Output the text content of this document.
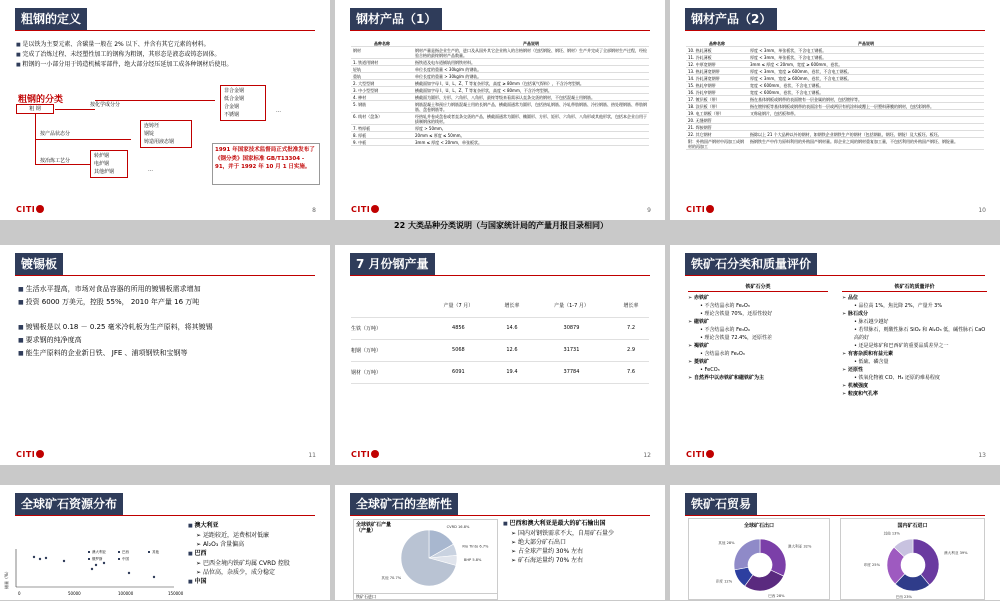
粗钢的定义
■ 是以铁为主要元素、含碳量一般在 2% 以下、并含有其它元素的材料。
■ 完成了冶炼过程、未经塑性加工的钢称为粗钢，其形态是液态或铸态固体。
■ 粗钢的一小部分用于铸造机械零部件，绝大部分经压延加工成各种钢材后使用。
粗钢的分类
粗 钢
按化学成分分
按产品状态分
按冶炼工艺分
非合金钢
低合金钢
合金钢
不锈钢
…
连铸坯
钢锭
铸造用液态钢
转炉钢
电炉钢
其他炉钢	…
1991 年国家技术监督局正式批准发布了《钢分类》国家标准 GB/T13304 - 91，并于 1992 年 10 月 1 日实施。
CITI	8
钢材产品（1）
品种名称	产品说明
钢材	钢材产量是指企业生产的，进口及从国外其它企业购入的合格钢材（包括钢锭、钢坯、钢材）生产并完成了全部钢材生产过程，经检验合格的最终钢材产品数量。
1. 铁道用钢材	指铁道及电车道铺轨用钢铁材料。
轻轨	单位长度的重量 < 30kg/m 的钢轨。
重轨	单位长度的重量 > 30kg/m 的钢轨。
2. 大型型钢	横截面如字母 I、U、L、Z、T 等复杂形状，高度 ≥ 80mm（包括氧气焊料），不含冷弯型钢。
3. 中小型型钢	横截面如字母 I、U、L、Z、T 等复杂形状，高度 < 80mm，不含冷弯型钢。
4. 棒材	横截面为圆形、方形、六角形、八角形，最终等级来看需承认直条交货的钢材，不包括混凝土用钢筋。
5. 钢筋	钢筋混凝土和预应力钢筋混凝土用的长钢产品，横截面通常为圆形，包括热轧钢筋、冷轧带肋钢筋、冷拉钢筋、热处理钢筋、带肋钢筋、盘卷钢筋等。
6. 线材（盘条）	经热轧并卷成盘卷或者直条交货的产品，横截面通常为圆形、椭圆形、方形、矩形、六角形、八角形或其他形状，包括本企业自用于拔制钢丝的线材。
7. 特厚板	厚度 > 50mm。
8. 厚板	20mm ≤ 厚度 ≤ 50mm。
9. 中板	3mm ≤ 厚度 < 20mm，单张板状。
CITI	9
22 大类品种分类说明（与国家统计局的产量月报目录相同）
钢材产品（2）
品种名称	产品说明
10. 热轧薄板	厚度 < 3mm，单张板状，不含电工钢板。
11. 冷轧薄板	厚度 < 3mm，单张板状，不含电工钢板。
12. 中厚宽钢带	3mm ≤ 厚度 < 20mm，宽度 ≥ 600mm，卷状。
13. 热轧薄宽钢带	厚度 < 3mm，宽度 ≥ 600mm，卷状，不含电工钢板。
14. 冷轧薄宽钢带	厚度 < 3mm，宽度 ≥ 600mm，卷状，不含电工钢板。
15. 热轧窄钢带	宽度 < 600mm，卷状，不含电工钢板。
16. 冷轧窄钢带	宽度 < 600mm，卷状，不含电工钢板。
17. 镀层板（带）	指在基体钢板或钢带的表面镀有一层金属的钢材，包括镀锌等。
18. 涂层板（带）	指在镀锌板等基体钢板或钢带的表面涂有一层或两层有机涂料或覆上一层塑料薄膜的钢材，包括彩钢带。
19. 电工钢板（带）	又称硅钢片，包括板和带。
20. 无缝钢管	
21. 焊接钢管	
22. 其它钢材	指除以上 21 个大品种以外的钢材，如钢铁企业钢铁生产的钢材（包括钢轨、钢坯、钢锭）及大板坯、板坯。
附：外购国产钢材中再加工成钢材的再加工	指钢铁生产中作为原料利用的外购国产钢材量。即企业之间的钢材重复加工量，不包括利用的外购国产钢坯、钢锭量。
CITI	10
镀锡板
■ 生活水平提高，市场对食品容器的所用的镀锡板需求增加
■ 投资 6000 万美元，控股 55%， 2010 年产量 16 万吨
■ 镀锡板是以 0.18 － 0.25 毫米冷轧板为生产原料，将其镀锡
■ 要求钢的纯净度高
■ 能生产原料的企业新日铁、 JFE 、浦项钢铁和宝钢等
CITI	11
7 月份钢产量
	产量（7 月）	增长率	产量（1-7 月）	增长率
生铁（万吨）	4856	14.6	30879	7.2
粗钢（万吨）	5068	12.6	31731	2.9
钢材（万吨）	6091	19.4	37784	7.6
CITI	12
铁矿石分类和质量评价
铁矿石分类
➢ 赤铁矿
• 不含结晶水的 Fe₂O₃
• 理论含铁量 70%，还原性较好
➢ 磁铁矿
• 不含结晶水的 Fe₃O₄
• 理论含铁量 72.4%，还原性差
➢ 褐铁矿
• 含结晶水的 Fe₂O₃
➢ 菱铁矿
• FeCO₃
➢ 自然界中以赤铁矿和磁铁矿为主
铁矿石的质量评价
➢ 品位
• 品位高 1%，焦比降 2%，产量升 3%
➢ 脉石成分
• 脉石越少越好
• 若带脉石，则酸性脉石 SiO₂ 和 Al₂O₃ 低，碱性脉石 CaO 高的好
• 还是是炼矿和巴西矿的重要品质差异之一
➢ 有害杂质和有益元素
• 低硫、磷含量
➢ 还原性
• 铁氧化物被 CO、H₂ 还原的难易程度
➢ 机械强度
➢ 粒度和气孔率
CITI	13
全球矿石资源分布
0	50000	100000	150000
储量（%）
澳大利亚	巴西	其他
俄罗斯	中国
■ 澳大利亚
➢ 运距较近，运费相对低廉
➢ Al₂O₃ 含量偏高
■ 巴西
➢ 巴西全境内铁矿均属 CVRD 控股
➢ 品位高，杂质少，成分稳定
■ 中国
全球矿石的垄断性
全球铁矿石产量
（产量）
CVRD 16.8%
Rio Tinto 6.7%
BHP 5.8%
其他 70.7%
铁矿石进口
■ 巴西和澳大利亚是最大的矿石输出国
➢ 国内对钢铁需求不大，自用矿石量少
➢ 绝大部分矿石出口
➢ 占全球产量约 30% 左右
➢ 矿石海运量约 70% 左右
铁矿石贸易
全球矿石出口
澳大利亚 32%
巴西 28%
印度 12%
其他 28%
国内矿石进口
澳大利亚 39%
巴西 23%
印度 25%
其他 13%
